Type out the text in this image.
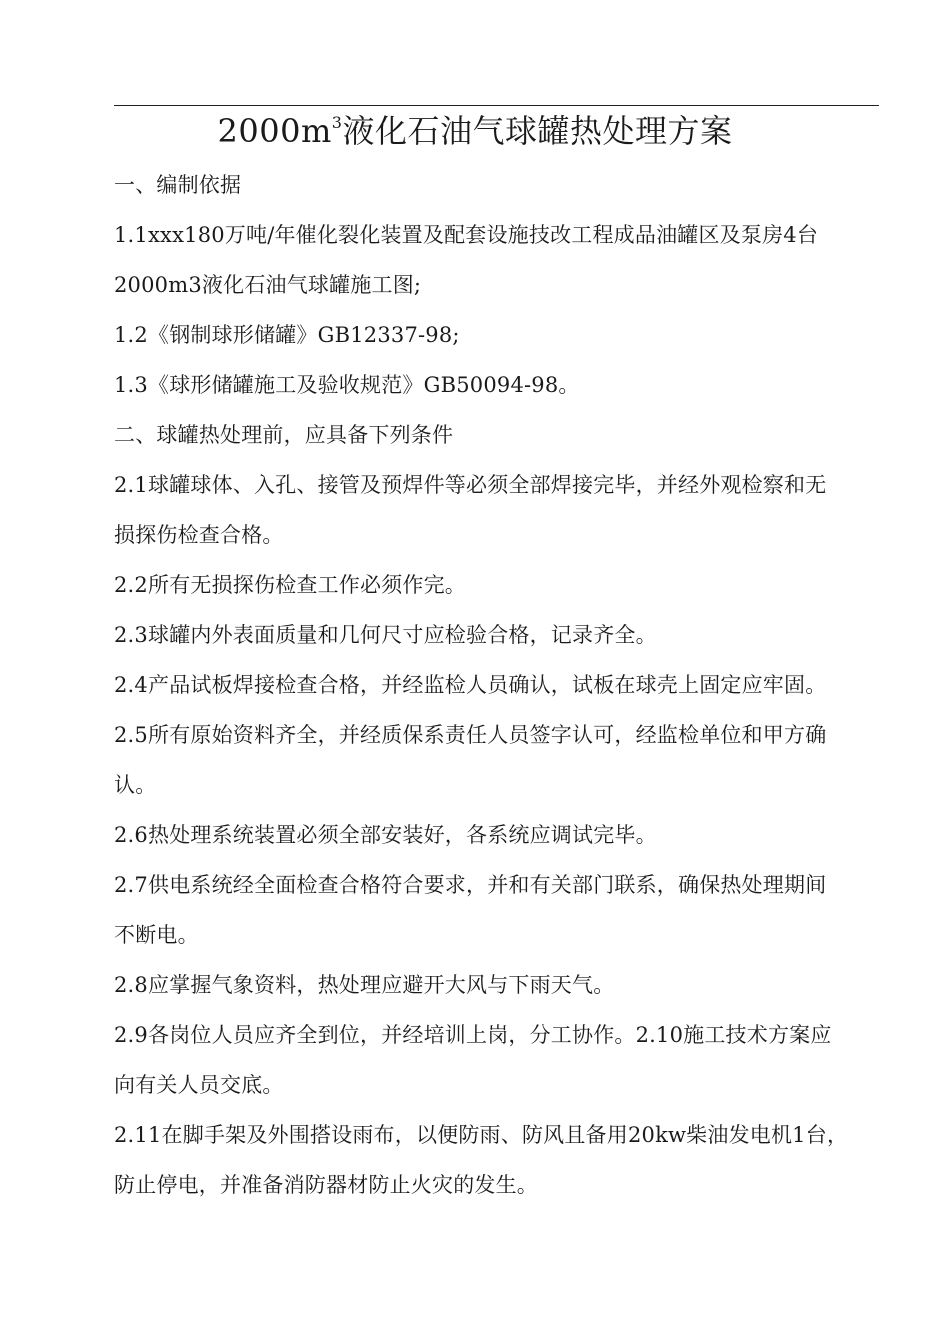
$2000m^3$液化石油气球罐热处理方案
一、编制依据
1.1xxx180万吨/年催化裂化装置及配套设施技改工程成品油罐区及泵房4台
2000m3液化石油气球罐施工图;
1.2《钢制球形储罐》GB12337-98;
1.3《球形储罐施工及验收规范》GB50094-98。
二、球罐热处理前，应具备下列条件
2.1球罐球体、入孔、接管及预焊件等必须全部焊接完毕，并经外观检察和无
损探伤检查合格。
2.2所有无损探伤检查工作必须作完。
2.3球罐内外表面质量和几何尺寸应检验合格，记录齐全。
2.4产品试板焊接检查合格，并经监检人员确认，试板在球壳上固定应牢固。
2.5所有原始资料齐全，并经质保系责任人员签字认可，经监检单位和甲方确
认。
2.6热处理系统装置必须全部安装好，各系统应调试完毕。
2.7供电系统经全面检查合格符合要求，并和有关部门联系，确保热处理期间
不断电。
2.8应掌握气象资料，热处理应避开大风与下雨天气。
2.9各岗位人员应齐全到位，并经培训上岗，分工协作。2.10施工技术方案应
向有关人员交底。
2.11在脚手架及外围搭设雨布，以便防雨、防风且备用20kw柴油发电机1台，
防止停电，并准备消防器材防止火灾的发生。
